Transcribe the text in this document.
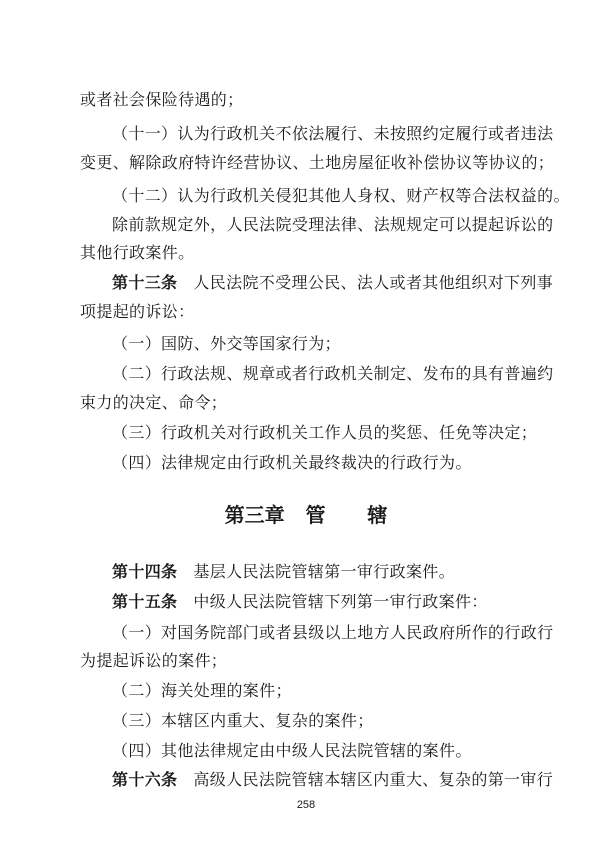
或者社会保险待遇的；
（十一）认为行政机关不依法履行、未按照约定履行或者违法
变更、解除政府特许经营协议、土地房屋征收补偿协议等协议的；
（十二）认为行政机关侵犯其他人身权、财产权等合法权益的。
除前款规定外，人民法院受理法律、法规规定可以提起诉讼的
其他行政案件。
第十三条 人民法院不受理公民、法人或者其他组织对下列事
项提起的诉讼：
（一）国防、外交等国家行为；
（二）行政法规、规章或者行政机关制定、发布的具有普遍约
束力的决定、命令；
（三）行政机关对行政机关工作人员的奖惩、任免等决定；
（四）法律规定由行政机关最终裁决的行政行为。
第三章   管      辖
第十四条 基层人民法院管辖第一审行政案件。
第十五条 中级人民法院管辖下列第一审行政案件：
（一）对国务院部门或者县级以上地方人民政府所作的行政行
为提起诉讼的案件；
（二）海关处理的案件；
（三）本辖区内重大、复杂的案件；
（四）其他法律规定由中级人民法院管辖的案件。
第十六条 高级人民法院管辖本辖区内重大、复杂的第一审行
258
